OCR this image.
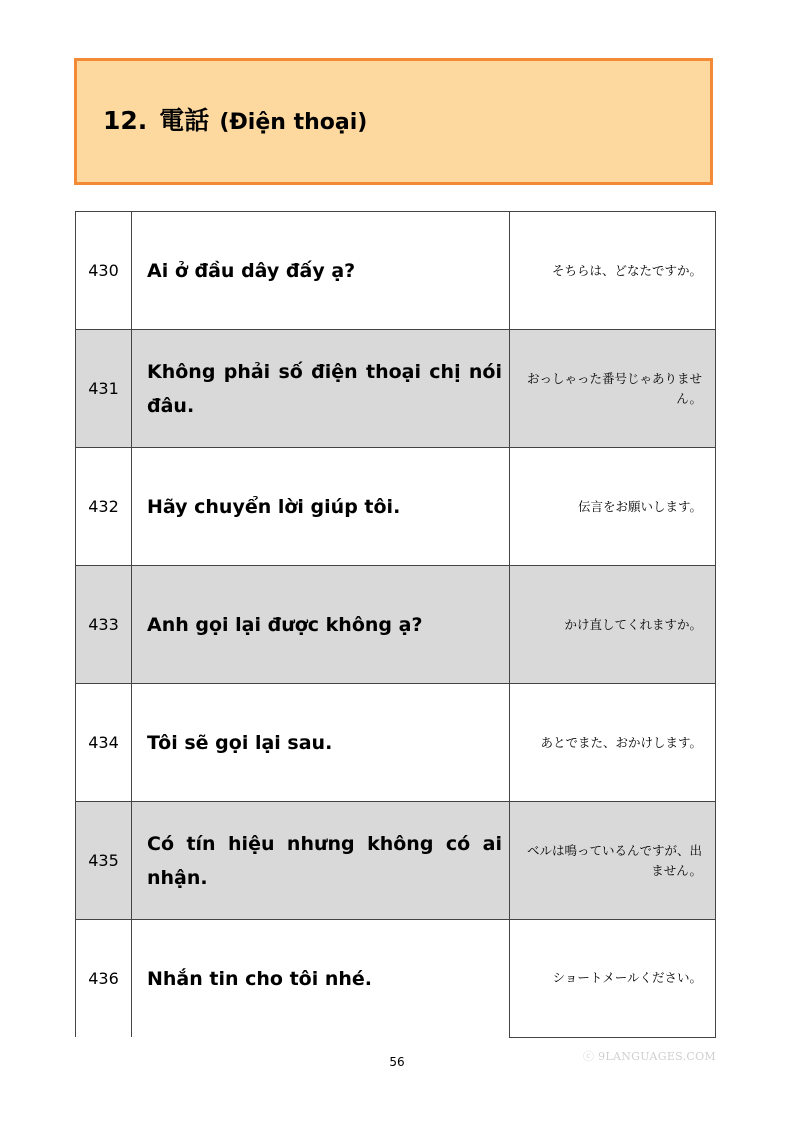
12. 電話 (Điện thoại)
430	Ai ở đầu dây đấy ạ?	そちらは、どなたですか。
431	Không phải số điện thoại chị nói đâu.	おっしゃった番号じゃありません。
432	Hãy chuyển lời giúp tôi.	伝言をお願いします。
433	Anh gọi lại được không ạ?	かけ直してくれますか。
434	Tôi sẽ gọi lại sau.	あとでまた、おかけします。
435	Có tín hiệu nhưng không có ai nhận.	ベルは鳴っているんですが、出ません。
436	Nhắn tin cho tôi nhé.	ショートメールください。
56	ⓒ 9LANGUAGES.COM
